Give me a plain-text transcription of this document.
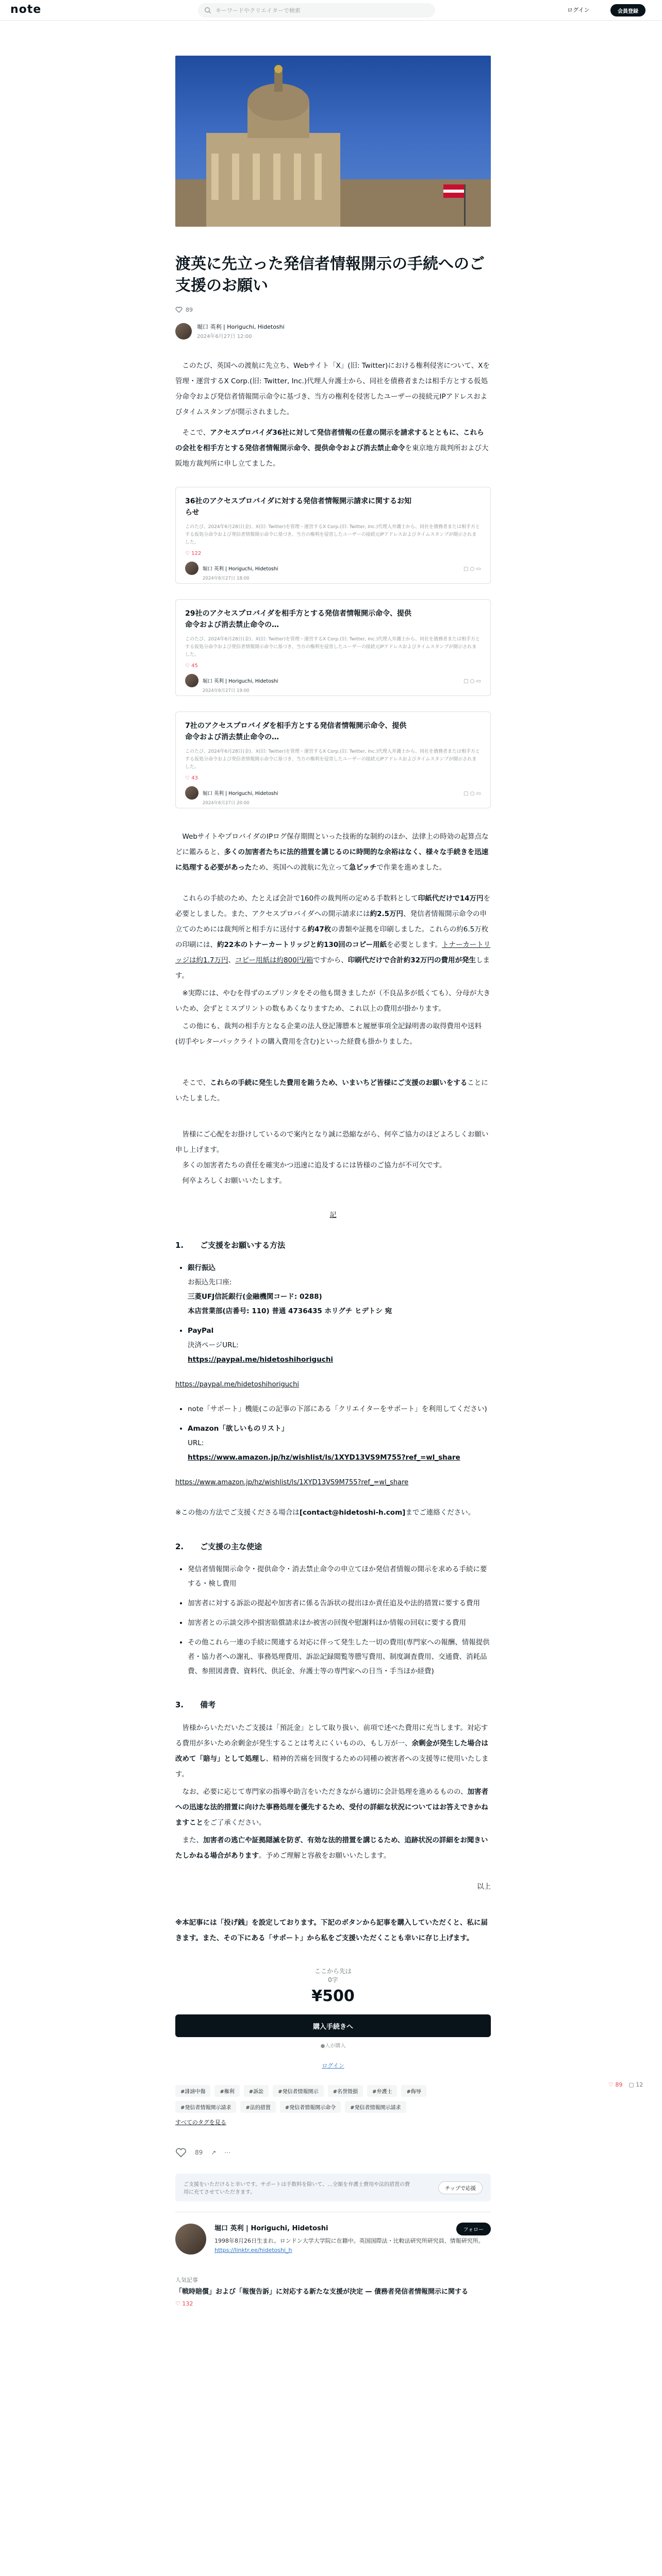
note	キーワードやクリエイターで検索	ログイン	会員登録
渡英に先立った発信者情報開示の手続へのご支援のお願い
89
堀口 英利 | Horiguchi, Hidetoshi
2024年6月27日 12:00

　このたび、英国への渡航に先立ち、Webサイト「X」(旧: Twitter)における権利侵害について、Xを管理・運営するX Corp.(旧: Twitter, Inc.)代理人弁護士から、同社を債務者または相手方とする仮処分命令および発信者情報開示命令に基づき、当方の権利を侵害したユーザーの接続元IPアドレスおよびタイムスタンプが開示されました。

　そこで、アクセスプロバイダ36社に対して発信者情報の任意の開示を請求するとともに、これらの会社を相手方とする発信者情報開示命令、提供命令および消去禁止命令を東京地方裁判所および大阪地方裁判所に申し立てました。

36社のアクセスプロバイダに対する発信者情報開示請求に関するお知らせ
このたび、2024年6月28日(金)、X(旧: Twitter)を管理・運営するX Corp.(旧: Twitter, Inc.)代理人弁護士から、同社を債務者または相手方とする仮処分命令および発信者情報開示命令に基づき、当方の権利を侵害したユーザーの接続元IPアドレスおよびタイムスタンプが開示されました。
♡ 122
堀口 英利 | Horiguchi, Hidetoshi
2024年6月27日 18:00
□ ○ ▭
29社のアクセスプロバイダを相手方とする発信者情報開示命令、提供命令および消去禁止命令の…
このたび、2024年6月28日(金)、X(旧: Twitter)を管理・運営するX Corp.(旧: Twitter, Inc.)代理人弁護士から、同社を債務者または相手方とする仮処分命令および発信者情報開示命令に基づき、当方の権利を侵害したユーザーの接続元IPアドレスおよびタイムスタンプが開示されました。
♡ 45
堀口 英利 | Horiguchi, Hidetoshi
2024年6月27日 19:00
□ ○ ▭
7社のアクセスプロバイダを相手方とする発信者情報開示命令、提供命令および消去禁止命令の…
このたび、2024年6月28日(金)、X(旧: Twitter)を管理・運営するX Corp.(旧: Twitter, Inc.)代理人弁護士から、同社を債務者または相手方とする仮処分命令および発信者情報開示命令に基づき、当方の権利を侵害したユーザーの接続元IPアドレスおよびタイムスタンプが開示されました。
♡ 43
堀口 英利 | Horiguchi, Hidetoshi
2024年6月27日 20:00
□ ○ ▭

　WebサイトやプロバイダのIPログ保存期間といった技術的な制約のほか、法律上の時効の起算点などに鑑みると、多くの加害者たちに法的措置を講じるのに時間的な余裕はなく、様々な手続きを迅速に処理する必要があったため、英国への渡航に先立って急ピッチで作業を進めました。

　これらの手続のため、たとえば会計で160件の裁判所の定める手数料として印紙代だけで14万円を必要としました。また、アクセスプロバイダへの開示請求には約2.5万円、発信者情報開示命令の申立てのためには裁判所と相手方に送付する約47枚の書類や証拠を印刷しました。これらの約6.5万枚の印刷には、約22本のトナーカートリッジと約130回のコピー用紙を必要とします。トナーカートリッジは約1.7万円、コピー用紙は約800円/箱ですから、印刷代だけで合計約32万円の費用が発生します。

　※実際には、やむを得ずのエプリンタをその他も開きましたが（不良品多が低くても）、分母が大きいため、会ずとミスプリントの数もあくなりますため、これ以上の費用が掛かります。

　この他にも、裁判の相手方となる企業の法人登記簿謄本と履歴事項全記録明書の取得費用や送料(切手やレターパックライトの購入費用を含む)といった経費も掛かりました。

　そこで、これらの手続に発生した費用を賄うため、いまいちど皆様にご支援のお願いをすることにいたしました。

　皆様にご心配をお掛けしているので案内となり誠に恐縮ながら、何卒ご協力のほどよろしくお願い申し上げます。
　多くの加害者たちの責任を確実かつ迅速に追及するには皆様のご協力が不可欠です。
　何卒よろしくお願いいたします。

記
1. ご支援をお願いする方法
• 銀行振込
お振込先口座:
三菱UFJ信託銀行(金融機関コード: 0288)
本店営業部(店番号: 110) 普通 4736435 ホリグチ ヒデトシ 宛
• PayPal
決済ページURL:
https://paypal.me/hidetoshihoriguchi
https://paypal.me/hidetoshihoriguchi
• note「サポート」機能(この記事の下部にある「クリエイターをサポート」を利用してください)
• Amazon「欲しいものリスト」
URL:
https://www.amazon.jp/hz/wishlist/ls/1XYD13VS9M755?ref_=wl_share
https://www.amazon.jp/hz/wishlist/ls/1XYD13VS9M755?ref_=wl_share

※この他の方法でご支援くださる場合は[contact@hidetoshi-h.com]までご連絡ください。

2. ご支援の主な使途
• 発信者情報開示命令・提供命令・消去禁止命令の申立てほか発信者情報の開示を求める手続に要する・検し費用
• 加害者に対する訴訟の提起や加害者に係る告訴状の提出ほか責任追及や法的措置に要する費用
• 加害者との示談交渉や損害賠償請求ほか被害の回復や慰謝料ほか情報の回収に要する費用
• その他これら一連の手続に関連する対応に伴って発生した一切の費用(専門家への報酬、情報提供者・協力者への謝礼、事務処理費用、訴訟記録閲覧等謄写費用、制度調査費用、交通費、消耗品費、参照図書費、資料代、供託金、弁護士等の専門家への日当・手当ほか経費)
3. 備考

　皆様からいただいたご支援は「預託金」として取り扱い、前項で述べた費用に充当します。対応する費用が多いため余剰金が発生することは考えにくいものの、もし万が一、余剰金が発生した場合は改めて「賠与」として処理し、精神的苦痛を回復するための同種の被害者への支援等に使用いたします。

　なお、必要に応じて専門家の指導や助言をいただきながら適切に会計処理を進めるものの、加害者への迅速な法的措置に向けた事務処理を優先するため、受付の詳細な状況についてはお答えできかねますことをご了承ください。

　また、加害者の逃亡や証拠隠滅を防ぎ、有効な法的措置を講じるため、追跡状況の詳細をお聞きいたしかねる場合があります。予めご理解と容赦をお願いいたします。

以上

※本記事には「投げ銭」を設定しております。下記のボタンから記事を購入していただくと、私に届きます。また、その下にある「サポート」から私をご支援いただくことも幸いに存じ上げます。

ここから先は
0字
¥500
購入手続きへ
●人が購入
ログイン
#誹謗中傷	#権利	#訴訟	#発信者情報開示	#名誉毀損	#弁護士	#侮辱
#発信者情報開示請求	#法的措置	#発信者情報開示命令	#発信者情報開示請求
すべてのタグを見る
89 ↗ ⋯
ご支援をいただけると幸いです。サポートは手数料を除いて、…全額を弁護士費用や法的措置の費用に充てさせていただきます。
チップで応援
堀口 英利 | Horiguchi, Hidetoshi	フォロー
1998年8月26日生まれ。ロンドン大学大学院に在籍中。英国国際法・比較法研究所研究員、情報研究所。
https://linktr.ee/hidetoshi_h
人気記事
「戦時賠償」および「報復告訴」に対応する新たな支援が決定 — 債務者発信者情報開示に関する
♡ 132
♡ 89 ▢ 12
